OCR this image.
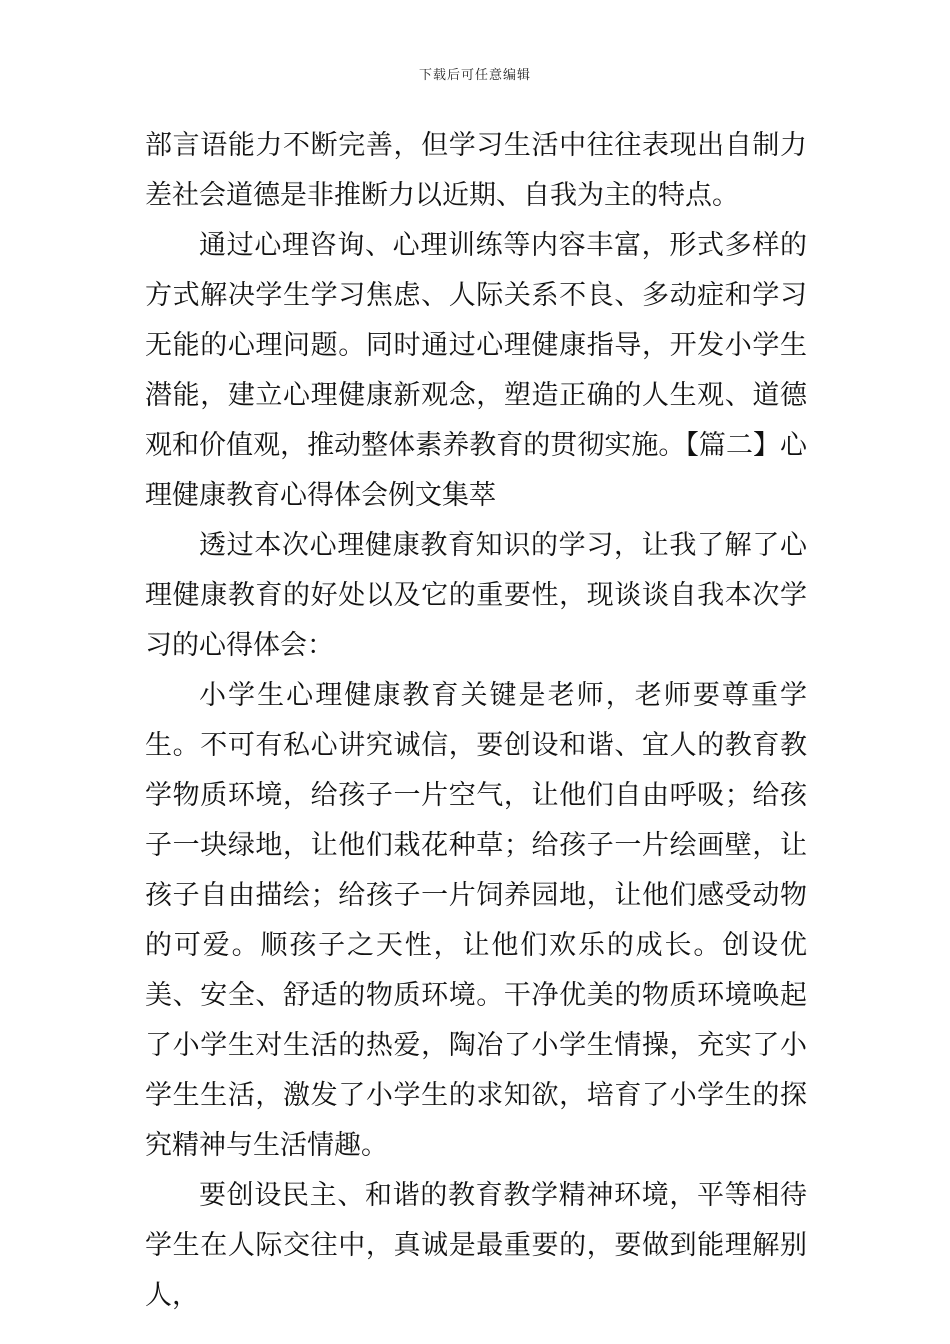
下载后可任意编辑

部言语能力不断完善，但学习生活中往往表现出自制力差社会道德是非推断力以近期、自我为主的特点。

通过心理咨询、心理训练等内容丰富，形式多样的方式解决学生学习焦虑、人际关系不良、多动症和学习无能的心理问题。同时通过心理健康指导，开发小学生潜能，建立心理健康新观念，塑造正确的人生观、道德观和价值观，推动整体素养教育的贯彻实施。【篇二】心理健康教育心得体会例文集萃

透过本次心理健康教育知识的学习，让我了解了心理健康教育的好处以及它的重要性，现谈谈自我本次学习的心得体会：

小学生心理健康教育关键是老师，老师要尊重学生。不可有私心讲究诚信，要创设和谐、宜人的教育教学物质环境，给孩子一片空气，让他们自由呼吸；给孩子一块绿地，让他们栽花种草；给孩子一片绘画壁，让孩子自由描绘；给孩子一片饲养园地，让他们感受动物的可爱。顺孩子之天性，让他们欢乐的成长。创设优美、安全、舒适的物质环境。干净优美的物质环境唤起了小学生对生活的热爱，陶冶了小学生情操，充实了小学生生活，激发了小学生的求知欲，培育了小学生的探究精神与生活情趣。

要创设民主、和谐的教育教学精神环境，平等相待学生在人际交往中，真诚是最重要的，要做到能理解别人，
